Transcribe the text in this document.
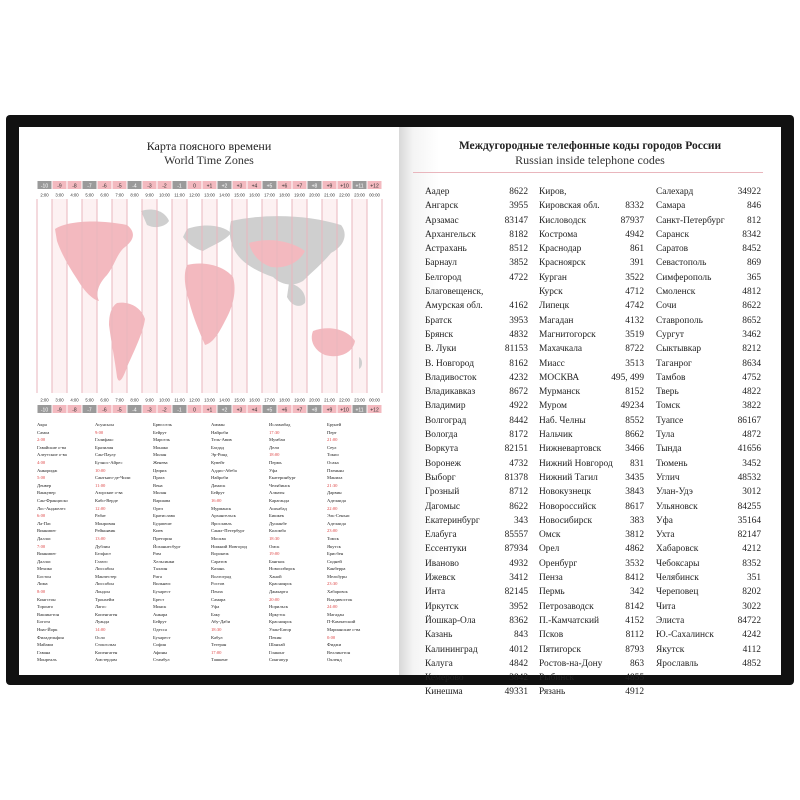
Карта поясного времени
World Time Zones
-10
2:00
2:00
-10
-9
3:00
3:00
-9
-8
4:00
4:00
-8
-7
5:00
5:00
-7
-6
6:00
6:00
-6
-5
7:00
7:00
-5
-4
8:00
8:00
-4
-3
9:00
9:00
-3
-2
10:00
10:00
-2
-1
11:00
11:00
-1
0
12:00
12:00
0
+1
13:00
13:00
+1
+2
14:00
14:00
+2
+3
15:00
15:00
+3
+4
16:00
16:00
+4
+5
17:00
17:00
+5
+6
18:00
18:00
+6
+7
19:00
19:00
+7
+8
20:00
20:00
+8
+9
21:00
21:00
+9
+10
22:00
22:00
+10
+11
23:00
23:00
+11
+12
00:00
00:00
+12
Акра
Самоа
2:00
Гавайские о-ва
Алеутские о-ва
4:00
Анкоридж
5:00
Денвер
Ванкувер
Сан-Франциско
Лос-Анджелес
6:00
Ла-Пас
Виннипег
Даллас
7:00
Виннипег
Даллас
Мехико
Бостон
Лима
8:00
Кингстон
Торонто
Вашингтон
Богота
Нью-Йорк
Филадельфия
Майами
Гавана
Монреаль
Асунсьон
9:00
Галифакс
Бразилия
Сан-Паулу
Буэнос-Айрес
10:00
Сантьяго-де-Чили
11:00
Азорские о-ва
Кабо-Верде
12:00
Рабат
Монровия
Рейкьявик
13:00
Дублин
Белфаст
Глазго
Лиссабон
Манчестер
Лиссабон
Лондон
Тронхейм
Лагос
Копенгаген
Луанда
14:00
Осло
Стокгольм
Копенгаген
Амстердам
Брюссель
Бейрут
Марсель
Монако
Милан
Женева
Цюрих
Прага
Вена
Милан
Варшава
Орел
Братислава
Будапешт
Киев
Претория
Йоханнесбург
Рим
Хельсинки
Таллин
Рига
Вильнюс
Бухарест
Брест
Минск
Анкара
Бейрут
Одесса
Бухарест
София
Афины
Стамбул
Амман
Найроби
Тель-Авив
Багдад
Эр-Рияд
Кувейт
Аддис-Абеба
Найроби
Дамаск
Бейрут
16:00
Мурманск
Архангельск
Ярославль
Санкт-Петербург
Москва
Нижний Новгород
Воронеж
Саратов
Казань
Волгоград
Ростов
Пенза
Самара
Уфа
Баку
Абу-Даби
18:30
Кабул
Тегеран
17:00
Ташкент
Исламабад
17:30
Мумбаи
Дели
18:00
Пермь
Уфа
Екатеринбург
Челябинск
Алматы
Караганда
Ашхабад
Бишкек
Душанбе
Коломбо
18:30
Омск
19:00
Бангкок
Новосибирск
Ханой
Красноярск
Джакарта
20:00
Норильск
Иркутск
Красноярск
Улан-Батор
Пекин
Шанхай
Гонконг
Сингапур
Бруней
Перт
21:00
Сеул
Токио
Осака
Пхеньян
Манила
21:30
Дарвин
Аделаида
22:00
Эль-Сеньяс
Аделаида
23:00
Томск
Якутск
Брисбен
Сидней
Канберра
Мельбурн
23:30
Хабаровск
Владивосток
24:00
Магадан
П-Камчатский
Марианские о-ва
0:00
Фиджи
Веллингтон
Окленд
Междугородные телефонные коды городов России
Russian inside telephone codes
Аадер	8622
Ангарск	3955
Арзамас	83147
Архангельск	8182
Астрахань	8512
Барнаул	3852
Белгород	4722
Благовещенск,
Амурская обл.	4162
Братск	3953
Брянск	4832
В. Луки	81153
В. Новгород	8162
Владивосток	4232
Владикавказ	8672
Владимир	4922
Волгоград	8442
Вологда	8172
Воркута	82151
Воронеж	4732
Выборг	81378
Грозный	8712
Дагомыс	8622
Екатеринбург	343
Елабуга	85557
Ессентуки	87934
Иваново	4932
Ижевск	3412
Инта	82145
Иркутск	3952
Йошкар-Ола	8362
Казань	843
Калининград	4012
Калуга	4842
Кемерово	3842
Кинешма	49331
Киров,
Кировская обл.	8332
Кисловодск	87937
Кострома	4942
Краснодар	861
Красноярск	391
Курган	3522
Курск	4712
Липецк	4742
Магадан	4132
Магнитогорск	3519
Махачкала	8722
Миасс	3513
МОСКВА	495, 499
Мурманск	8152
Муром	49234
Наб. Челны	8552
Нальчик	8662
Нижневартовск	3466
Нижний Новгород 831
Нижний Тагил	3435
Новокузнецк	3843
Новороссийск	8617
Новосибирск	383
Омск	3812
Орел	4862
Оренбург	3532
Пенза	8412
Пермь	342
Петрозаводск	8142
П.-Камчатский	4152
Псков	8112
Пятигорск	8793
Ростов-на-Дону	863
Рыбинск	4855
Рязань	4912
Салехард	34922
Самара	846
Санкт-Петербург 812
Саранск	8342
Саратов	8452
Севастополь	869
Симферополь	365
Смоленск	4812
Сочи	8622
Ставрополь	8652
Сургут	3462
Сыктывкар	8212
Таганрог	8634
Тамбов	4752
Тверь	4822
Томск	3822
Туапсе	86167
Тула	4872
Тында	41656
Тюмень	3452
Углич	48532
Улан-Удэ	3012
Ульяновск	84255
Уфа	35164
Ухта	82147
Хабаровск	4212
Чебоксары	8352
Челябинск	351
Череповец	8202
Чита	3022
Элиста	84722
Ю.-Сахалинск	4242
Якутск	4112
Ярославль	4852
